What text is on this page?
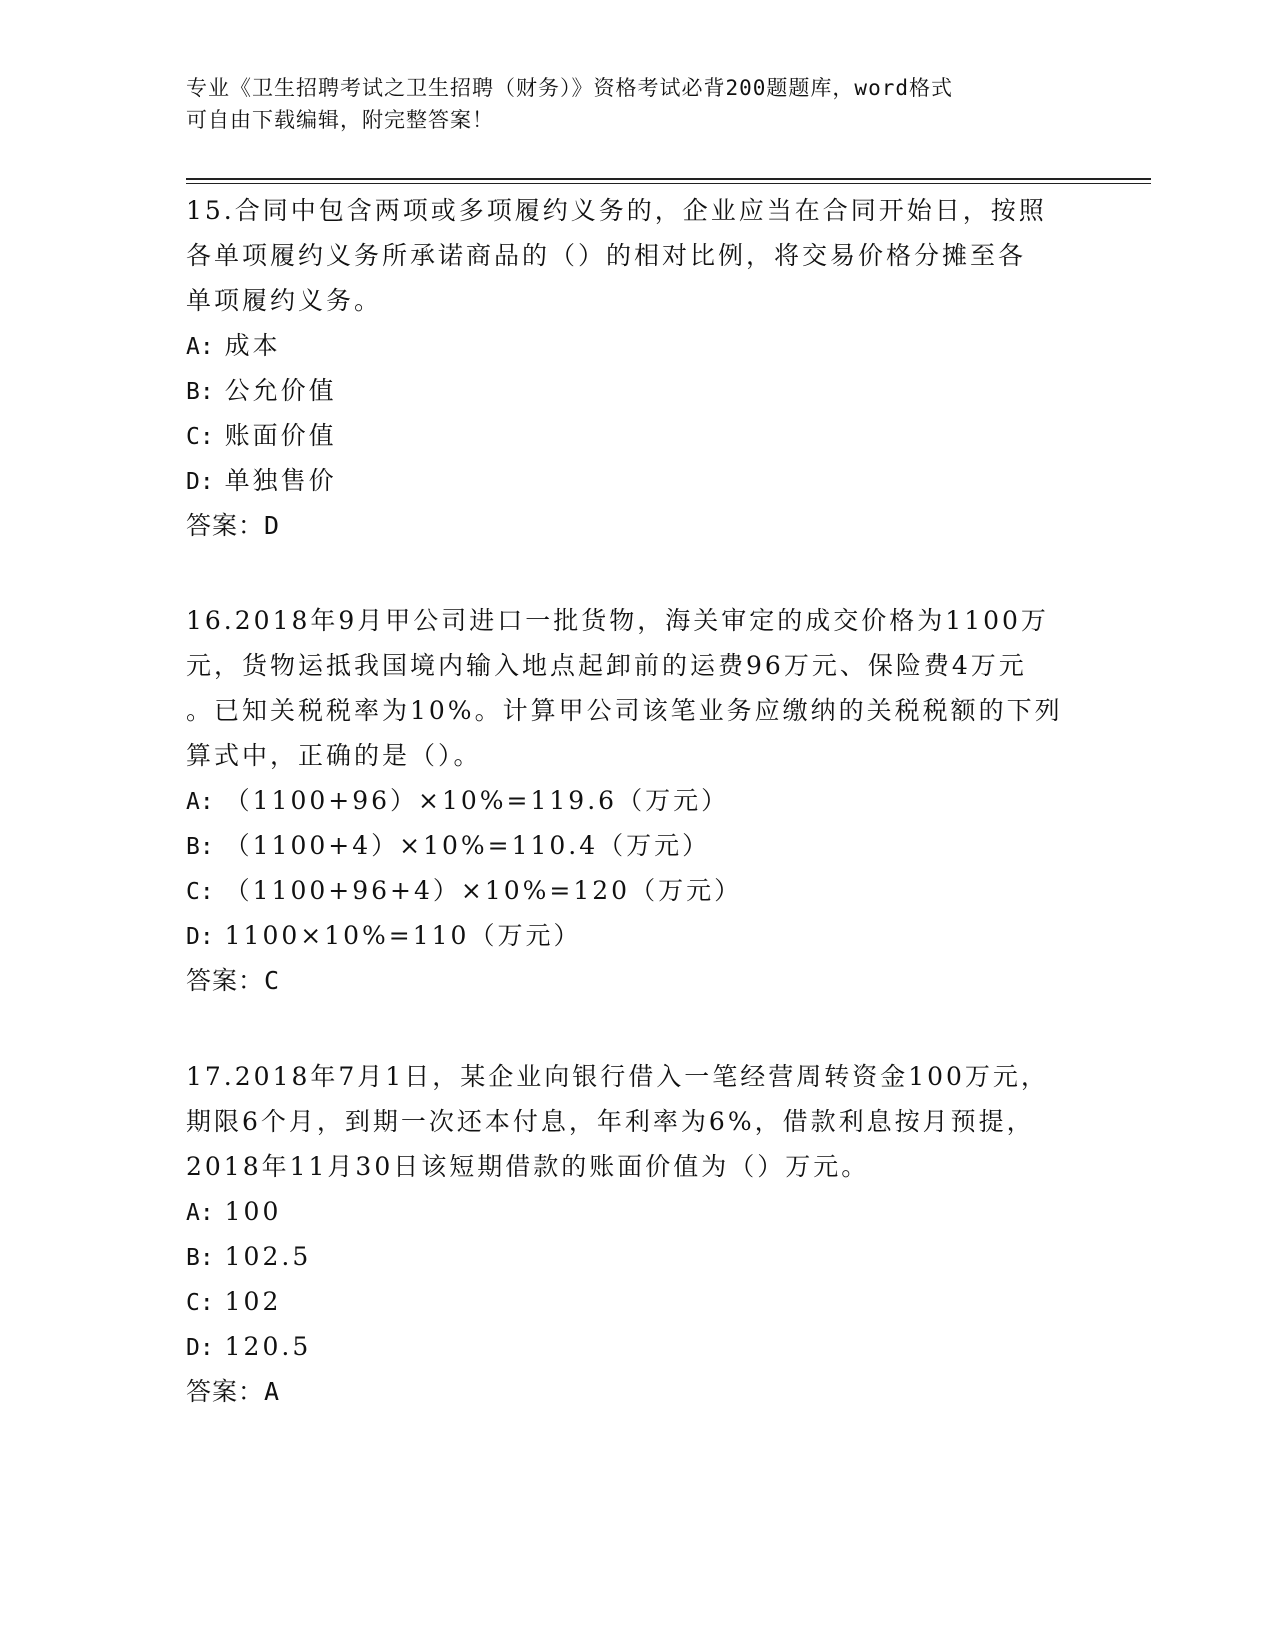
专业《卫生招聘考试之卫生招聘（财务）》资格考试必背200题题库，word格式
可自由下载编辑，附完整答案！
15.合同中包含两项或多项履约义务的，企业应当在合同开始日，按照
各单项履约义务所承诺商品的（）的相对比例，将交易价格分摊至各
单项履约义务。
A: 成本
B: 公允价值
C: 账面价值
D: 单独售价
答案：D
16.2018年9月甲公司进口一批货物，海关审定的成交价格为1100万
元，货物运抵我国境内输入地点起卸前的运费96万元、保险费4万元
。已知关税税率为10%。计算甲公司该笔业务应缴纳的关税税额的下列
算式中，正确的是（）。
A: （1100+96）×10%=119.6（万元）
B: （1100+4）×10%=110.4（万元）
C: （1100+96+4）×10%=120（万元）
D: 1100×10%=110（万元）
答案：C
17.2018年7月1日，某企业向银行借入一笔经营周转资金100万元，
期限6个月，到期一次还本付息，年利率为6%，借款利息按月预提，
2018年11月30日该短期借款的账面价值为（）万元。
A: 100
B: 102.5
C: 102
D: 120.5
答案：A
